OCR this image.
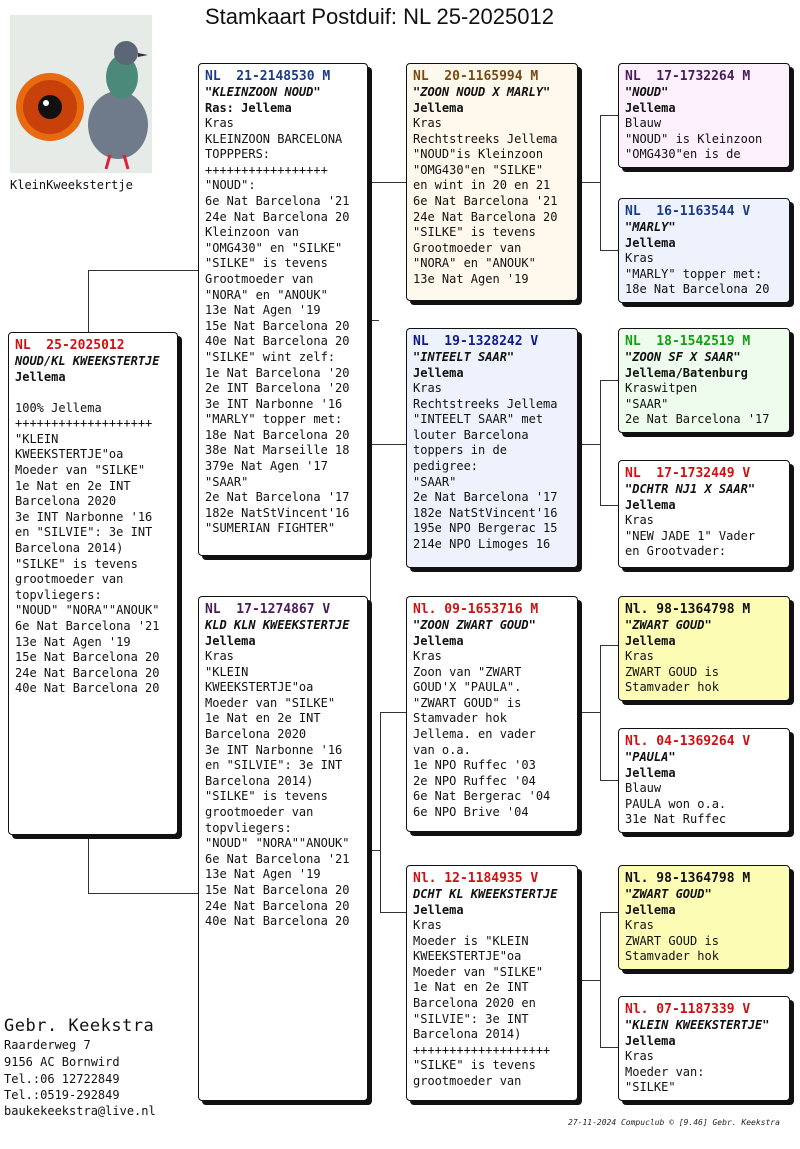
Stamkaart Postduif: NL 25-2025012
KleinKweekstertje
NL  25-2025012
NOUD/KL KWEEKSTERTJE
Jellema

100% Jellema
+++++++++++++++++++
"KLEIN
KWEEKSTERTJE"oa
Moeder van "SILKE"
1e Nat en 2e INT
Barcelona 2020
3e INT Narbonne '16
en "SILVIE": 3e INT
Barcelona 2014)
"SILKE" is tevens
grootmoeder van
topvliegers:
"NOUD" "NORA""ANOUK"
6e Nat Barcelona '21
13e Nat Agen '19
15e Nat Barcelona 20
24e Nat Barcelona 20
40e Nat Barcelona 20
NL  21-2148530 M
"KLEINZOON NOUD"
Ras: Jellema
Kras
KLEINZOON BARCELONA
TOPPPERS:
+++++++++++++++++
"NOUD":
6e Nat Barcelona '21
24e Nat Barcelona 20
Kleinzoon van
"OMG430" en "SILKE"
"SILKE" is tevens
Grootmoeder van
"NORA" en "ANOUK"
13e Nat Agen '19
15e Nat Barcelona 20
40e Nat Barcelona 20
"SILKE" wint zelf:
1e Nat Barcelona '20
2e INT Barcelona '20
3e INT Narbonne '16
"MARLY" topper met:
18e Nat Barcelona 20
38e Nat Marseille 18
379e Nat Agen '17
"SAAR"
2e Nat Barcelona '17
182e NatStVincent'16
"SUMERIAN FIGHTER"
NL  17-1274867 V
KLD KLN KWEEKSTERTJE
Jellema
Kras
"KLEIN
KWEEKSTERTJE"oa
Moeder van "SILKE"
1e Nat en 2e INT
Barcelona 2020
3e INT Narbonne '16
en "SILVIE": 3e INT
Barcelona 2014)
"SILKE" is tevens
grootmoeder van
topvliegers:
"NOUD" "NORA""ANOUK"
6e Nat Barcelona '21
13e Nat Agen '19
15e Nat Barcelona 20
24e Nat Barcelona 20
40e Nat Barcelona 20
NL  20-1165994 M
"ZOON NOUD X MARLY"
Jellema
Kras
Rechtstreeks Jellema
"NOUD"is Kleinzoon
"OMG430"en "SILKE"
en wint in 20 en 21
6e Nat Barcelona '21
24e Nat Barcelona 20
"SILKE" is tevens
Grootmoeder van
"NORA" en "ANOUK"
13e Nat Agen '19
NL  19-1328242 V
"INTEELT SAAR"
Jellema
Kras
Rechtstreeks Jellema
"INTEELT SAAR" met
louter Barcelona
toppers in de
pedigree:
"SAAR"
2e Nat Barcelona '17
182e NatStVincent'16
195e NPO Bergerac 15
214e NPO Limoges 16
Nl. 09-1653716 M
"ZOON ZWART GOUD"
Jellema
Kras
Zoon van "ZWART
GOUD'X "PAULA".
"ZWART GOUD" is
Stamvader hok
Jellema. en vader
van o.a.
1e NPO Ruffec '03
2e NPO Ruffec '04
6e Nat Bergerac '04
6e NPO Brive '04
Nl. 12-1184935 V
DCHT KL KWEEKSTERTJE
Jellema
Kras
Moeder is "KLEIN
KWEEKSTERTJE"oa
Moeder van "SILKE"
1e Nat en 2e INT
Barcelona 2020 en
"SILVIE": 3e INT
Barcelona 2014)
+++++++++++++++++++
"SILKE" is tevens
grootmoeder van
NL  17-1732264 M
"NOUD"
Jellema
Blauw
"NOUD" is Kleinzoon
"OMG430"en is de
NL  16-1163544 V
"MARLY"
Jellema
Kras
"MARLY" topper met:
18e Nat Barcelona 20
NL  18-1542519 M
"ZOON SF X SAAR"
Jellema/Batenburg
Kraswitpen
"SAAR"
2e Nat Barcelona '17
NL  17-1732449 V
"DCHTR NJ1 X SAAR"
Jellema
Kras
"NEW JADE 1" Vader
en Grootvader:
Nl. 98-1364798 M
"ZWART GOUD"
Jellema
Kras
ZWART GOUD is
Stamvader hok
Nl. 04-1369264 V
"PAULA"
Jellema
Blauw
PAULA won o.a.
31e Nat Ruffec
Nl. 98-1364798 M
"ZWART GOUD"
Jellema
Kras
ZWART GOUD is
Stamvader hok
Nl. 07-1187339 V
"KLEIN KWEEKSTERTJE"
Jellema
Kras
Moeder van:
"SILKE"
Gebr. Keekstra
Raarderweg 7
9156 AC Bornwird
Tel.:06 12722849
Tel.:0519-292849
baukekeekstra@live.nl
27-11-2024 Compuclub © [9.46] Gebr. Keekstra
